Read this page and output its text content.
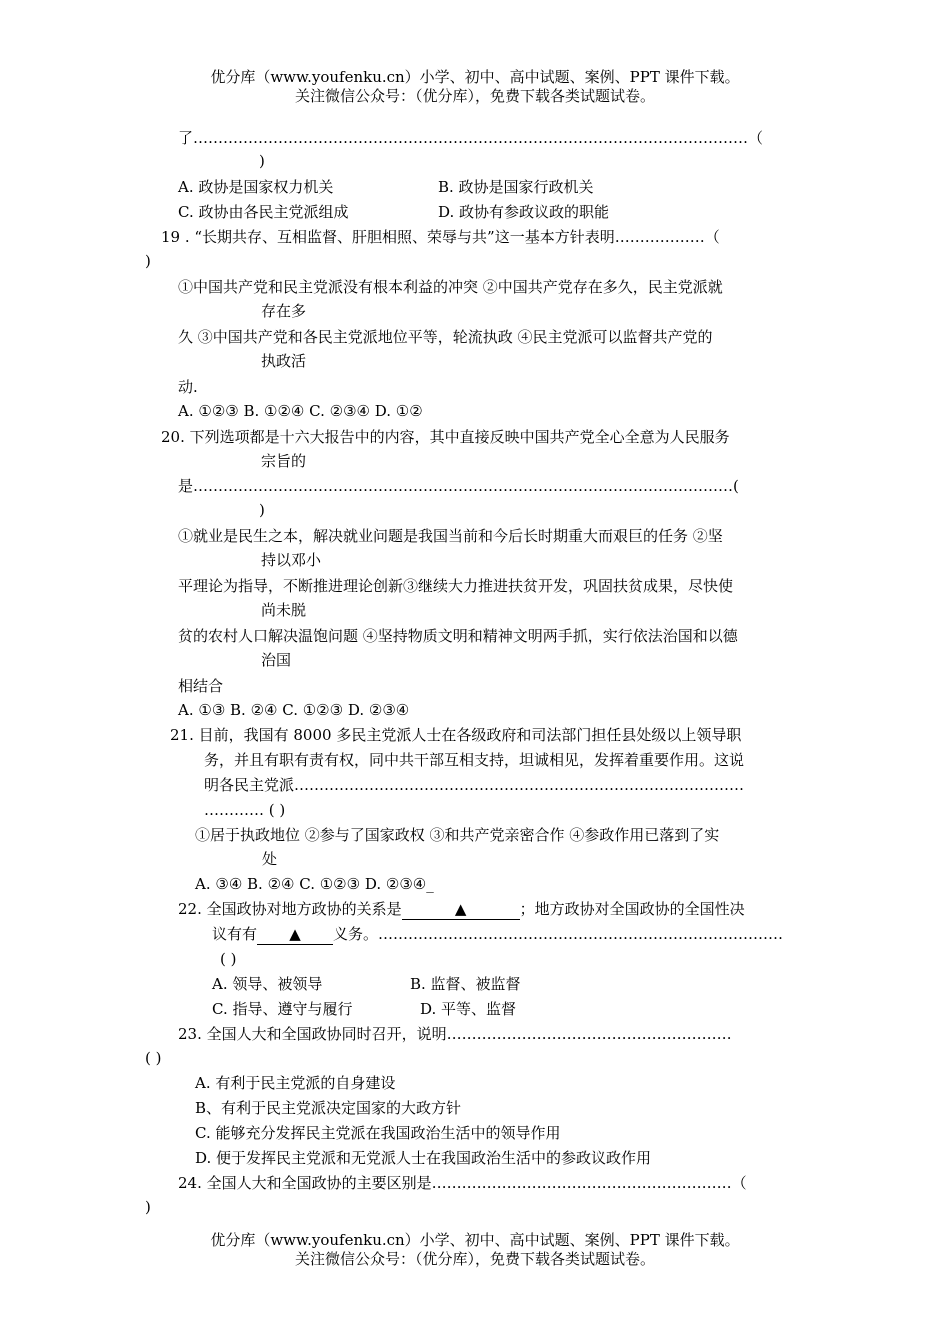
优分库（www.youfenku.cn）小学、初中、高中试题、案例、PPT 课件下载。
关注微信公众号：（优分库），免费下载各类试题试卷。
了…………………………………………………………………………………………………（
)
A. 政协是国家权力机关	B. 政协是国家行政机关
C. 政协由各民主党派组成	D. 政协有参政议政的职能
19 . “长期共存、互相监督、肝胆相照、荣辱与共”这一基本方针表明………………（
)
①中国共产党和民主党派没有根本利益的冲突 ②中国共产党存在多久，民主党派就
存在多
久 ③中国共产党和各民主党派地位平等，轮流执政 ④民主党派可以监督共产党的
执政活
动.
A. ①②③ B. ①②④ C. ②③④ D. ①②
20. 下列选项都是十六大报告中的内容，其中直接反映中国共产党全心全意为人民服务
宗旨的
是………………………………………………………………………………………………(
)
①就业是民生之本，解决就业问题是我国当前和今后长时期重大而艰巨的任务 ②坚
持以邓小
平理论为指导，不断推进理论创新③继续大力推进扶贫开发，巩固扶贫成果，尽快使
尚未脱
贫的农村人口解决温饱问题 ④坚持物质文明和精神文明两手抓，实行依法治国和以德
治国
相结合
A. ①③ B. ②④ C. ①②③ D. ②③④
21. 目前，我国有 8000 多民主党派人士在各级政府和司法部门担任县处级以上领导职
务，并且有职有责有权，同中共干部互相支持，坦诚相见，发挥着重要作用。这说
明各民主党派………………………………………………………………………………
………… ( )
①居于执政地位 ②参与了国家政权 ③和共产党亲密合作 ④参政作用已落到了实
处
A. ③④ B. ②④ C. ①②③ D. ②③④_
22. 全国政协对地方政协的关系是	▲	；地方政协对全国政协的全国性决
议有有 ▲ 义务。………………………………………………………………………
( )
A. 领导、被领导	B. 监督、被监督
C. 指导、遵守与履行	D. 平等、监督
23. 全国人大和全国政协同时召开，说明…………………………………………………
( )
A. 有利于民主党派的自身建设
B、有利于民主党派决定国家的大政方针
C. 能够充分发挥民主党派在我国政治生活中的领导作用
D. 便于发挥民主党派和无党派人士在我国政治生活中的参政议政作用
24. 全国人大和全国政协的主要区别是……………………………………………………（
)
优分库（www.youfenku.cn）小学、初中、高中试题、案例、PPT 课件下载。
关注微信公众号：（优分库），免费下载各类试题试卷。
